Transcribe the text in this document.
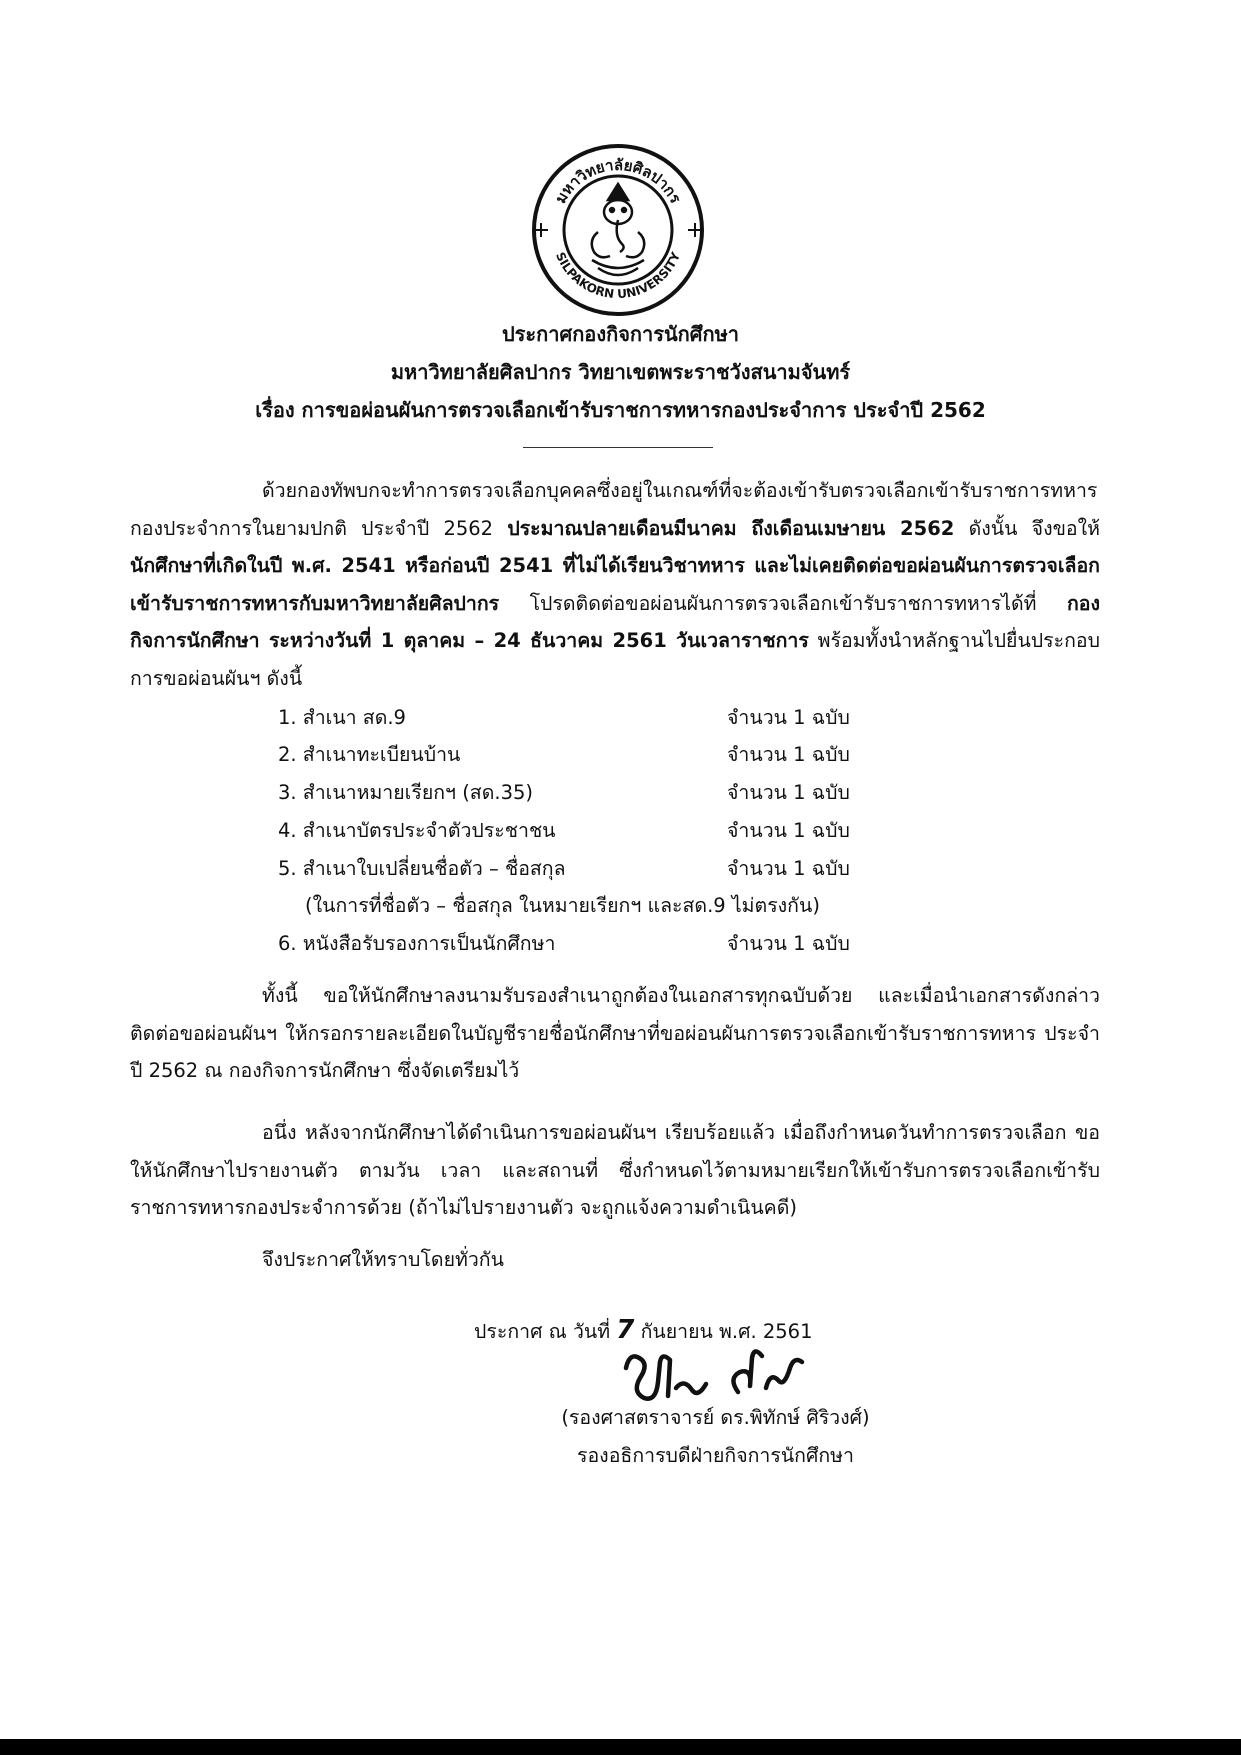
มหาวิทยาลัยศิลปากร
SILPAKORN UNIVERSITY
ประกาศกองกิจการนักศึกษา
มหาวิทยาลัยศิลปากร วิทยาเขตพระราชวังสนามจันทร์
เรื่อง การขอผ่อนผันการตรวจเลือกเข้ารับราชการทหารกองประจำการ ประจำปี 2562
ด้วยกองทัพบกจะทำการตรวจเลือกบุคคลซึ่งอยู่ในเกณฑ์ที่จะต้องเข้ารับตรวจเลือกเข้ารับราชการทหารกองประจำการในยามปกติ ประจำปี 2562 ประมาณปลายเดือนมีนาคม ถึงเดือนเมษายน 2562 ดังนั้น จึงขอให้นักศึกษาที่เกิดในปี พ.ศ. 2541 หรือก่อนปี 2541 ที่ไม่ได้เรียนวิชาทหาร และไม่เคยติดต่อขอผ่อนผันการตรวจเลือกเข้ารับราชการทหารกับมหาวิทยาลัยศิลปากร โปรดติดต่อขอผ่อนผันการตรวจเลือกเข้ารับราชการทหารได้ที่ กองกิจการนักศึกษา ระหว่างวันที่ 1 ตุลาคม – 24 ธันวาคม 2561 วันเวลาราชการ พร้อมทั้งนำหลักฐานไปยื่นประกอบการขอผ่อนผันฯ ดังนี้
1. สำเนา สด.9	จำนวน 1 ฉบับ
2. สำเนาทะเบียนบ้าน	จำนวน 1 ฉบับ
3. สำเนาหมายเรียกฯ (สด.35)	จำนวน 1 ฉบับ
4. สำเนาบัตรประจำตัวประชาชน	จำนวน 1 ฉบับ
5. สำเนาใบเปลี่ยนชื่อตัว – ชื่อสกุล	จำนวน 1 ฉบับ
(ในการที่ชื่อตัว – ชื่อสกุล ในหมายเรียกฯ และสด.9 ไม่ตรงกัน)
6. หนังสือรับรองการเป็นนักศึกษา	จำนวน 1 ฉบับ
ทั้งนี้ ขอให้นักศึกษาลงนามรับรองสำเนาถูกต้องในเอกสารทุกฉบับด้วย และเมื่อนำเอกสารดังกล่าว ติดต่อขอผ่อนผันฯ ให้กรอกรายละเอียดในบัญชีรายชื่อนักศึกษาที่ขอผ่อนผันการตรวจเลือกเข้ารับราชการทหาร ประจำปี 2562 ณ กองกิจการนักศึกษา ซึ่งจัดเตรียมไว้
อนึ่ง หลังจากนักศึกษาได้ดำเนินการขอผ่อนผันฯ เรียบร้อยแล้ว เมื่อถึงกำหนดวันทำการตรวจเลือก ขอให้นักศึกษาไปรายงานตัว ตามวัน เวลา และสถานที่ ซึ่งกำหนดไว้ตามหมายเรียกให้เข้ารับการตรวจเลือกเข้ารับราชการทหารกองประจำการด้วย (ถ้าไม่ไปรายงานตัว จะถูกแจ้งความดำเนินคดี)
จึงประกาศให้ทราบโดยทั่วกัน
ประกาศ ณ วันที่ 7 กันยายน พ.ศ. 2561
(รองศาสตราจารย์ ดร.พิทักษ์ ศิริวงศ์)
รองอธิการบดีฝ่ายกิจการนักศึกษา
